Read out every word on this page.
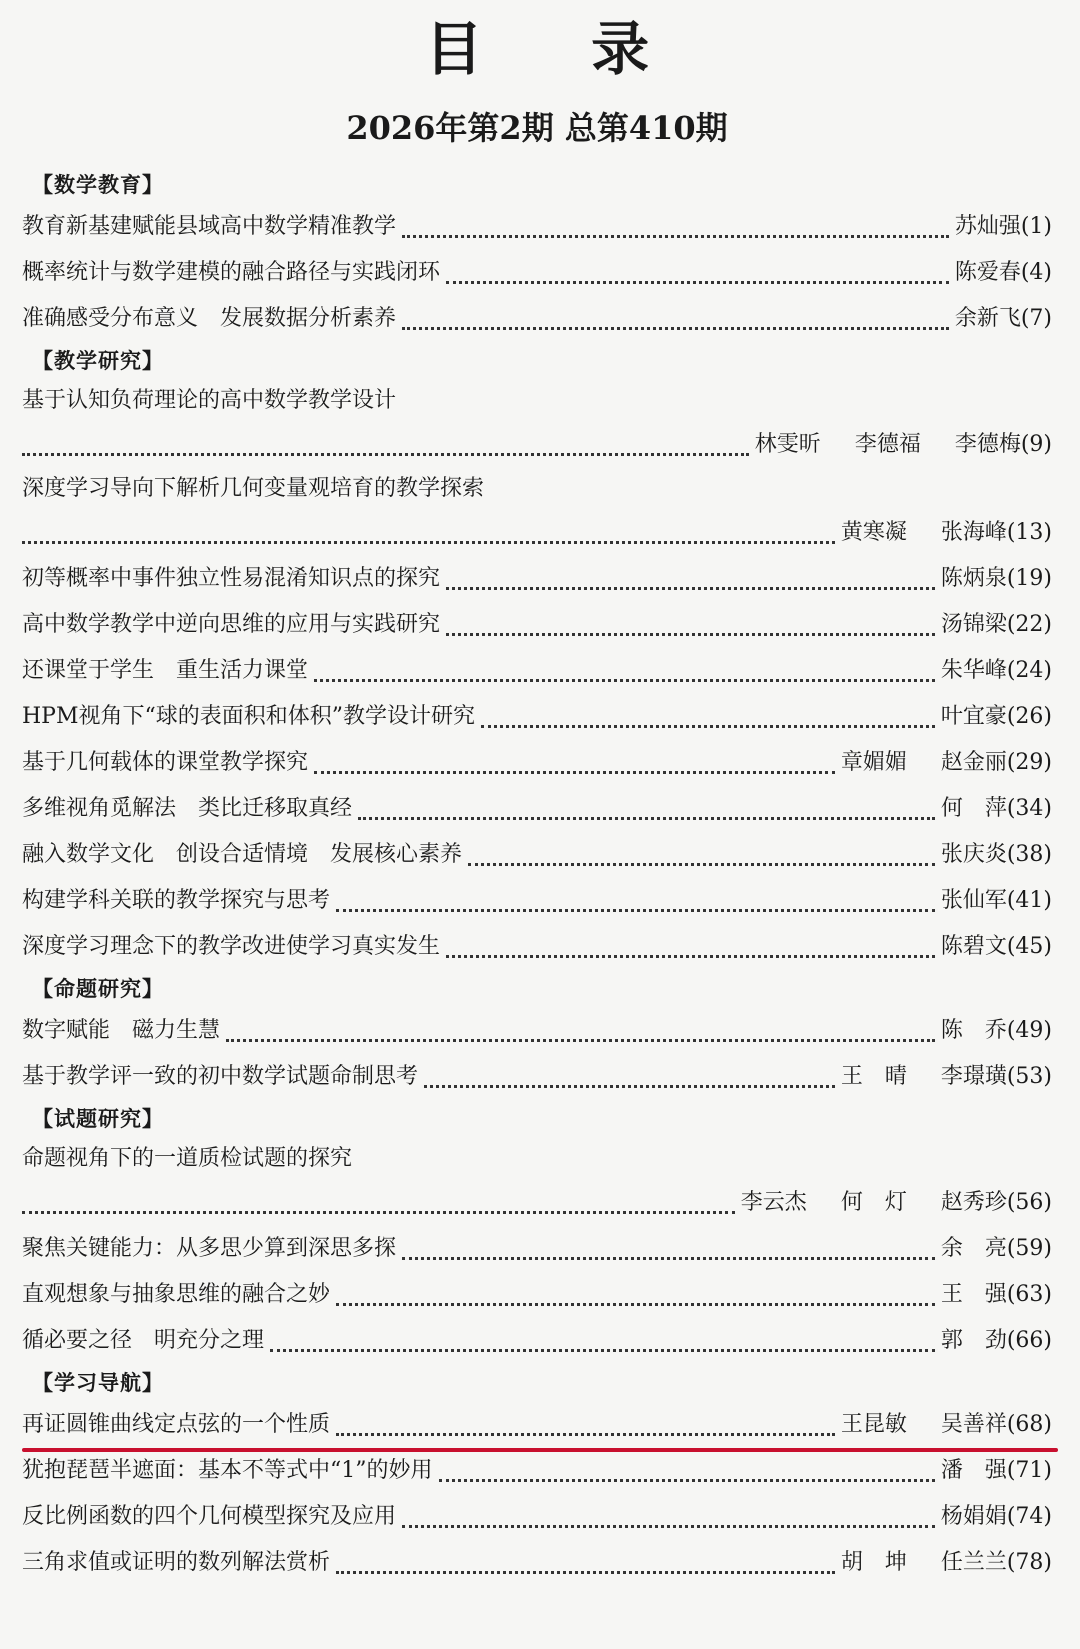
目 录
2026年第2期 总第410期
【数学教育】
教育新基建赋能县域高中数学精准教学	苏灿强(1)
概率统计与数学建模的融合路径与实践闭环	陈爱春(4)
准确感受分布意义　发展数据分析素养	余新飞(7)
【教学研究】
基于认知负荷理论的高中数学教学设计
林雯昕 李德福 李德梅(9)
深度学习导向下解析几何变量观培育的教学探索
黄寒凝 张海峰(13)
初等概率中事件独立性易混淆知识点的探究	陈炳泉(19)
高中数学教学中逆向思维的应用与实践研究	汤锦梁(22)
还课堂于学生　重生活力课堂	朱华峰(24)
HPM视角下“球的表面积和体积”教学设计研究	叶宜豪(26)
基于几何载体的课堂教学探究	章媚媚 赵金丽(29)
多维视角觅解法　类比迁移取真经	何　萍(34)
融入数学文化　创设合适情境　发展核心素养	张庆炎(38)
构建学科关联的教学探究与思考	张仙军(41)
深度学习理念下的教学改进使学习真实发生	陈碧文(45)
【命题研究】
数字赋能　磁力生慧	陈　乔(49)
基于教学评一致的初中数学试题命制思考	王　晴 李璟璜(53)
【试题研究】
命题视角下的一道质检试题的探究
李云杰 何　灯 赵秀珍(56)
聚焦关键能力：从多思少算到深思多探	余　亮(59)
直观想象与抽象思维的融合之妙	王　强(63)
循必要之径　明充分之理	郭　劲(66)
【学习导航】
再证圆锥曲线定点弦的一个性质	王昆敏 吴善祥(68)
犹抱琵琶半遮面：基本不等式中“1”的妙用	潘　强(71)
反比例函数的四个几何模型探究及应用	杨娟娟(74)
三角求值或证明的数列解法赏析	胡　坤 任兰兰(78)
